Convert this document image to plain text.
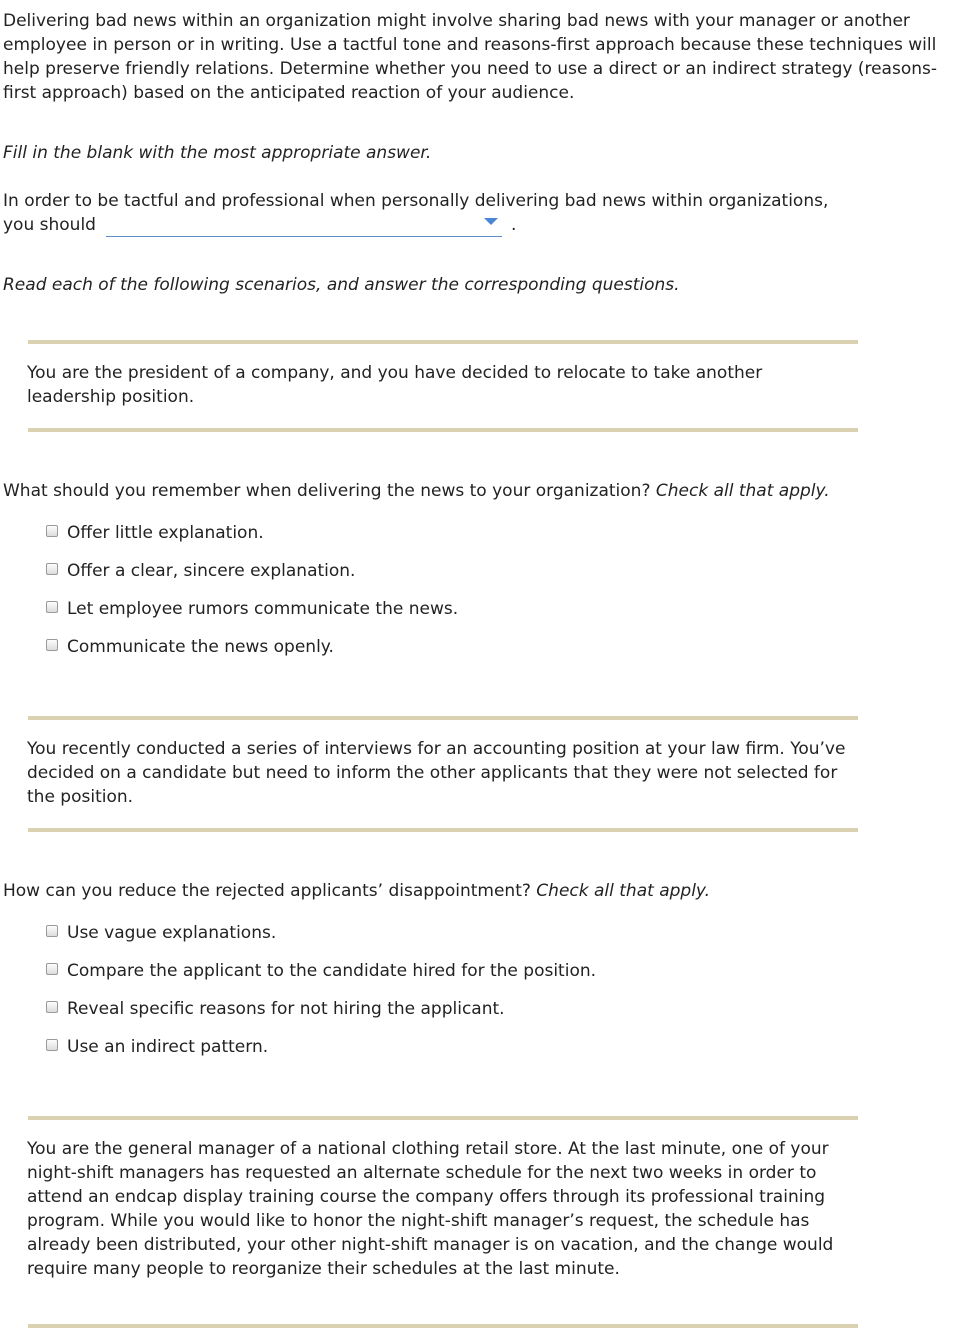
Delivering bad news within an organization might involve sharing bad news with your manager or another employee in person or in writing. Use a tactful tone and reasons-first approach because these techniques will help preserve friendly relations. Determine whether you need to use a direct or an indirect strategy (reasons-first approach) based on the anticipated reaction of your audience.
Fill in the blank with the most appropriate answer.
In order to be tactful and professional when personally delivering bad news within organizations,
you should	.
Read each of the following scenarios, and answer the corresponding questions.
You are the president of a company, and you have decided to relocate to take another leadership position.
What should you remember when delivering the news to your organization? Check all that apply.
Offer little explanation.
Offer a clear, sincere explanation.
Let employee rumors communicate the news.
Communicate the news openly.
You recently conducted a series of interviews for an accounting position at your law firm. You’ve decided on a candidate but need to inform the other applicants that they were not selected for the position.
How can you reduce the rejected applicants’ disappointment? Check all that apply.
Use vague explanations.
Compare the applicant to the candidate hired for the position.
Reveal specific reasons for not hiring the applicant.
Use an indirect pattern.
You are the general manager of a national clothing retail store. At the last minute, one of your night-shift managers has requested an alternate schedule for the next two weeks in order to attend an endcap display training course the company offers through its professional training program. While you would like to honor the night-shift manager’s request, the schedule has already been distributed, your other night-shift manager is on vacation, and the change would require many people to reorganize their schedules at the last minute.
